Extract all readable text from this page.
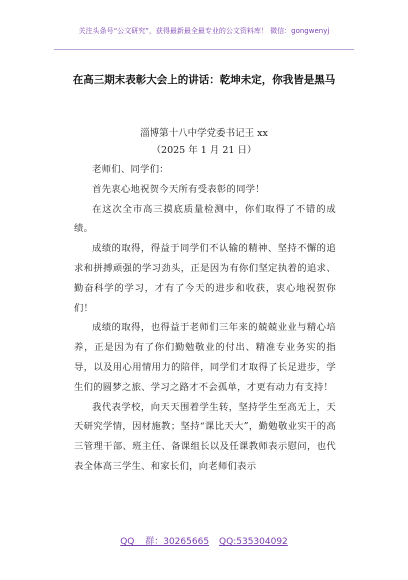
关注头条号“公文研究”，获得最新最全最专业的公文资料库！ 微信：gongwenyj
在高三期末表彰大会上的讲话：乾坤未定，你我皆是黑马
淄博第十八中学党委书记王 xx
（2025 年 1 月 21 日）

老师们、同学们：

首先衷心地祝贺今天所有受表彰的同学！

在这次全市高三摸底质量检测中，你们取得了不错的成绩。

成绩的取得，得益于同学们不认输的精神、坚持不懈的追求和拼搏顽强的学习劲头，正是因为有你们坚定执着的追求、勤奋科学的学习，才有了今天的进步和收获，衷心地祝贺你们！

成绩的取得，也得益于老师们三年来的兢兢业业与精心培养，正是因为有了你们勤勉敬业的付出、精准专业务实的指导，以及用心用情用力的陪伴，同学们才取得了长足进步，学生们的圆梦之旅、学习之路才不会孤单，才更有动力有支持！

我代表学校，向天天围着学生转，坚持学生至高无上，天天研究学情，因材施教；坚持“课比天大”，勤勉敬业实干的高三管理干部、班主任、备课组长以及任课教师表示慰问，也代表全体高三学生、和家长们，向老师们表示

QQ 群：30265665 QQ:535304092
